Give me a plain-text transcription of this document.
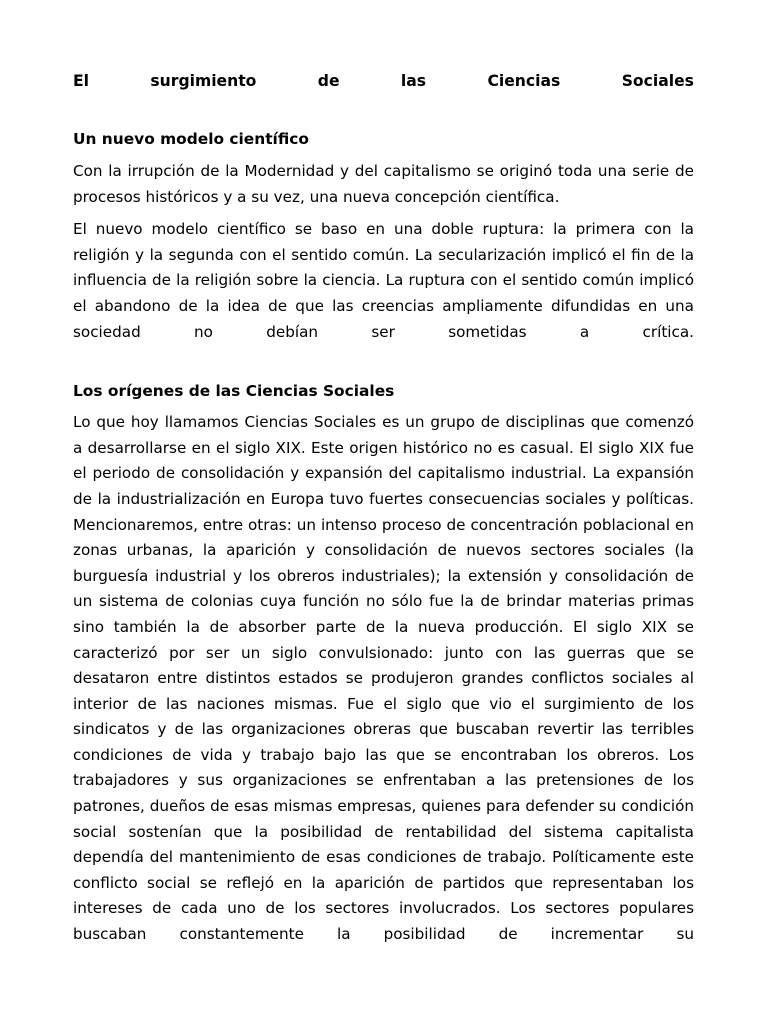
El	surgimiento	de	las	Ciencias	Sociales
Un nuevo modelo científico

Con la irrupción de la Modernidad y del capitalismo se originó toda una serie de procesos históricos y a su vez, una nueva concepción científica.

El nuevo modelo científico se baso en una doble ruptura: la primera con la religión y la segunda con el sentido común. La secularización implicó el fin de la influencia de la religión sobre la ciencia. La ruptura con el sentido común implicó el abandono de la idea de que las creencias ampliamente difundidas en una sociedad no debían ser sometidas a crítica.

Los orígenes de las Ciencias Sociales

Lo que hoy llamamos Ciencias Sociales es un grupo de disciplinas que comenzó a desarrollarse en el siglo XIX. Este origen histórico no es casual. El siglo XIX fue el periodo de consolidación y expansión del capitalismo industrial. La expansión de la industrialización en Europa tuvo fuertes consecuencias sociales y políticas. Mencionaremos, entre otras: un intenso proceso de concentración poblacional en zonas urbanas, la aparición y consolidación de nuevos sectores sociales (la burguesía industrial y los obreros industriales); la extensión y consolidación de un sistema de colonias cuya función no sólo fue la de brindar materias primas sino también la de absorber parte de la nueva producción. El siglo XIX se caracterizó por ser un siglo convulsionado: junto con las guerras que se desataron entre distintos estados se produjeron grandes conflictos sociales al interior de las naciones mismas. Fue el siglo que vio el surgimiento de los sindicatos y de las organizaciones obreras que buscaban revertir las terribles condiciones de vida y trabajo bajo las que se encontraban los obreros. Los trabajadores y sus organizaciones se enfrentaban a las pretensiones de los patrones, dueños de esas mismas empresas, quienes para defender su condición social sostenían que la posibilidad de rentabilidad del sistema capitalista dependía del mantenimiento de esas condiciones de trabajo. Políticamente este conflicto social se reflejó en la aparición de partidos que representaban los intereses de cada uno de los sectores involucrados. Los sectores populares buscaban constantemente la posibilidad de incrementar su
